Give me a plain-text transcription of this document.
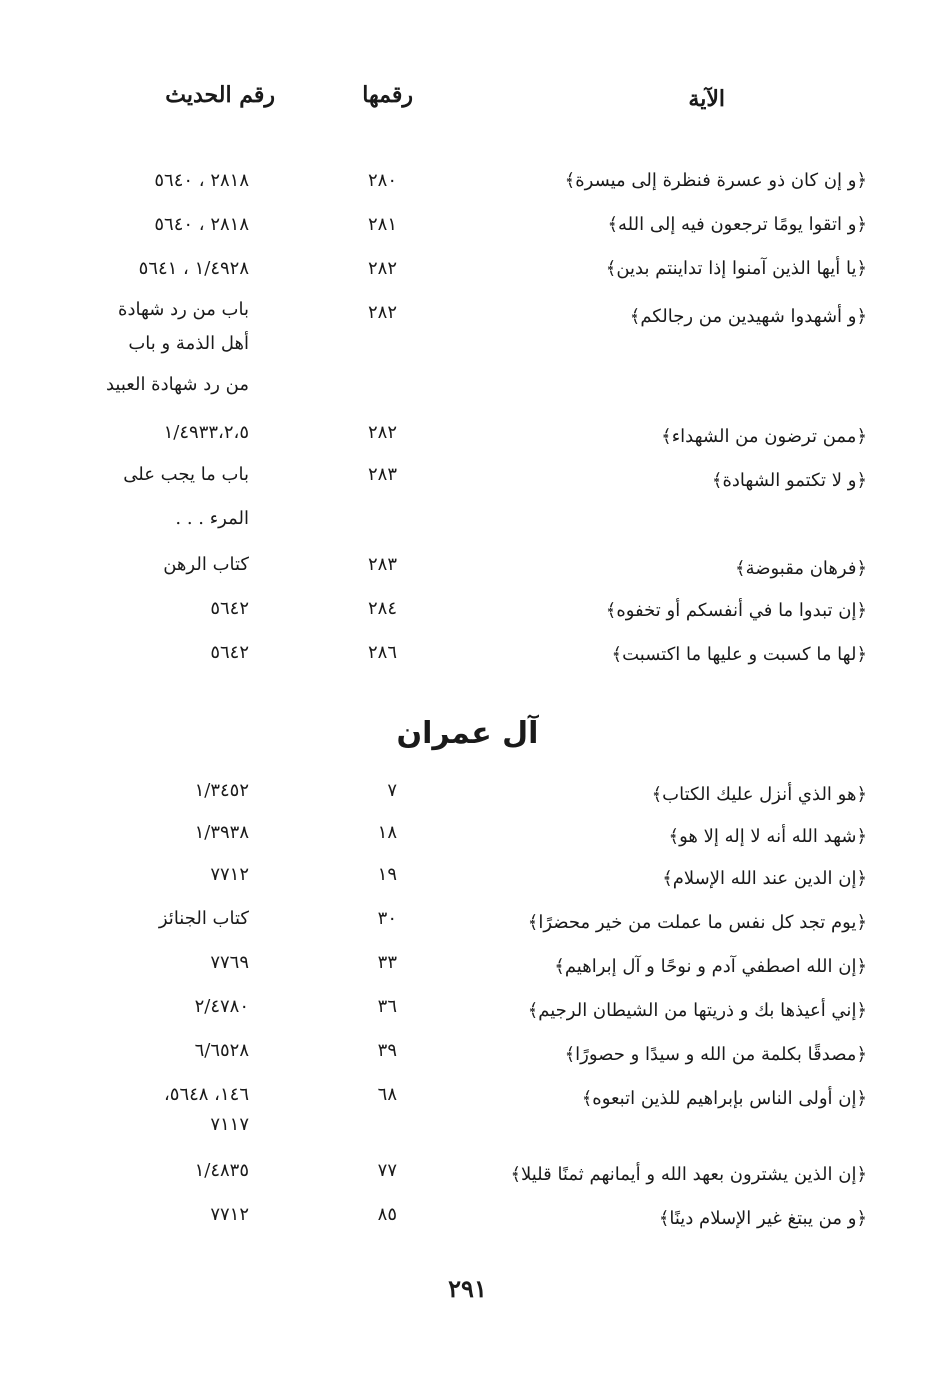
الآية
رقمها
رقم الحديث
﴿و إن كان ذو عسرة فنظرة إلى ميسرة﴾
٢٨٠
٢٨١٨ ، ٥٦٤٠
﴿و اتقوا يومًا ترجعون فيه إلى الله﴾
٢٨١
٢٨١٨ ، ٥٦٤٠
﴿يا أيها الذين آمنوا إذا تداينتم بدين﴾
٢٨٢
١/٤٩٢٨ ، ٥٦٤١
﴿و أشهدوا شهيدين من رجالكم﴾
٢٨٢
باب من رد شهادة
أهل الذمة و باب
من رد شهادة العبيد
﴿ممن ترضون من الشهداء﴾
٢٨٢
١/٤٩٣٣،٢،٥
﴿و لا تكتمو الشهادة﴾
٢٨٣
باب ما يجب على
المرء . . .
﴿فرهان مقبوضة﴾
٢٨٣
كتاب الرهن
﴿إن تبدوا ما في أنفسكم أو تخفوه﴾
٢٨٤
٥٦٤٢
﴿لها ما كسبت و عليها ما اكتسبت﴾
٢٨٦
٥٦٤٢
آل عمران
﴿هو الذي أنزل عليك الكتاب﴾
٧
١/٣٤٥٢
﴿شهد الله أنه لا إله إلا هو﴾
١٨
١/٣٩٣٨
﴿إن الدين عند الله الإسلام﴾
١٩
٧٧١٢
﴿يوم تجد كل نفس ما عملت من خير محضرًا﴾
٣٠
كتاب الجنائز
﴿إن الله اصطفي آدم و نوحًا و آل إبراهيم﴾
٣٣
٧٧٦٩
﴿إني أعيذها بك و ذريتها من الشيطان الرجيم﴾
٣٦
٢/٤٧٨٠
﴿مصدقًا بكلمة من الله و سيدًا و حصورًا﴾
٣٩
٦/٦٥٢٨
﴿إن أولى الناس بإبراهيم للذين اتبعوه﴾
٦٨
١٤٦، ٥٦٤٨،
٧١١٧
﴿إن الذين يشترون بعهد الله و أيمانهم ثمنًا قليلا﴾
٧٧
١/٤٨٣٥
﴿و من يبتغ غير الإسلام دينًا﴾
٨٥
٧٧١٢
٢٩١
